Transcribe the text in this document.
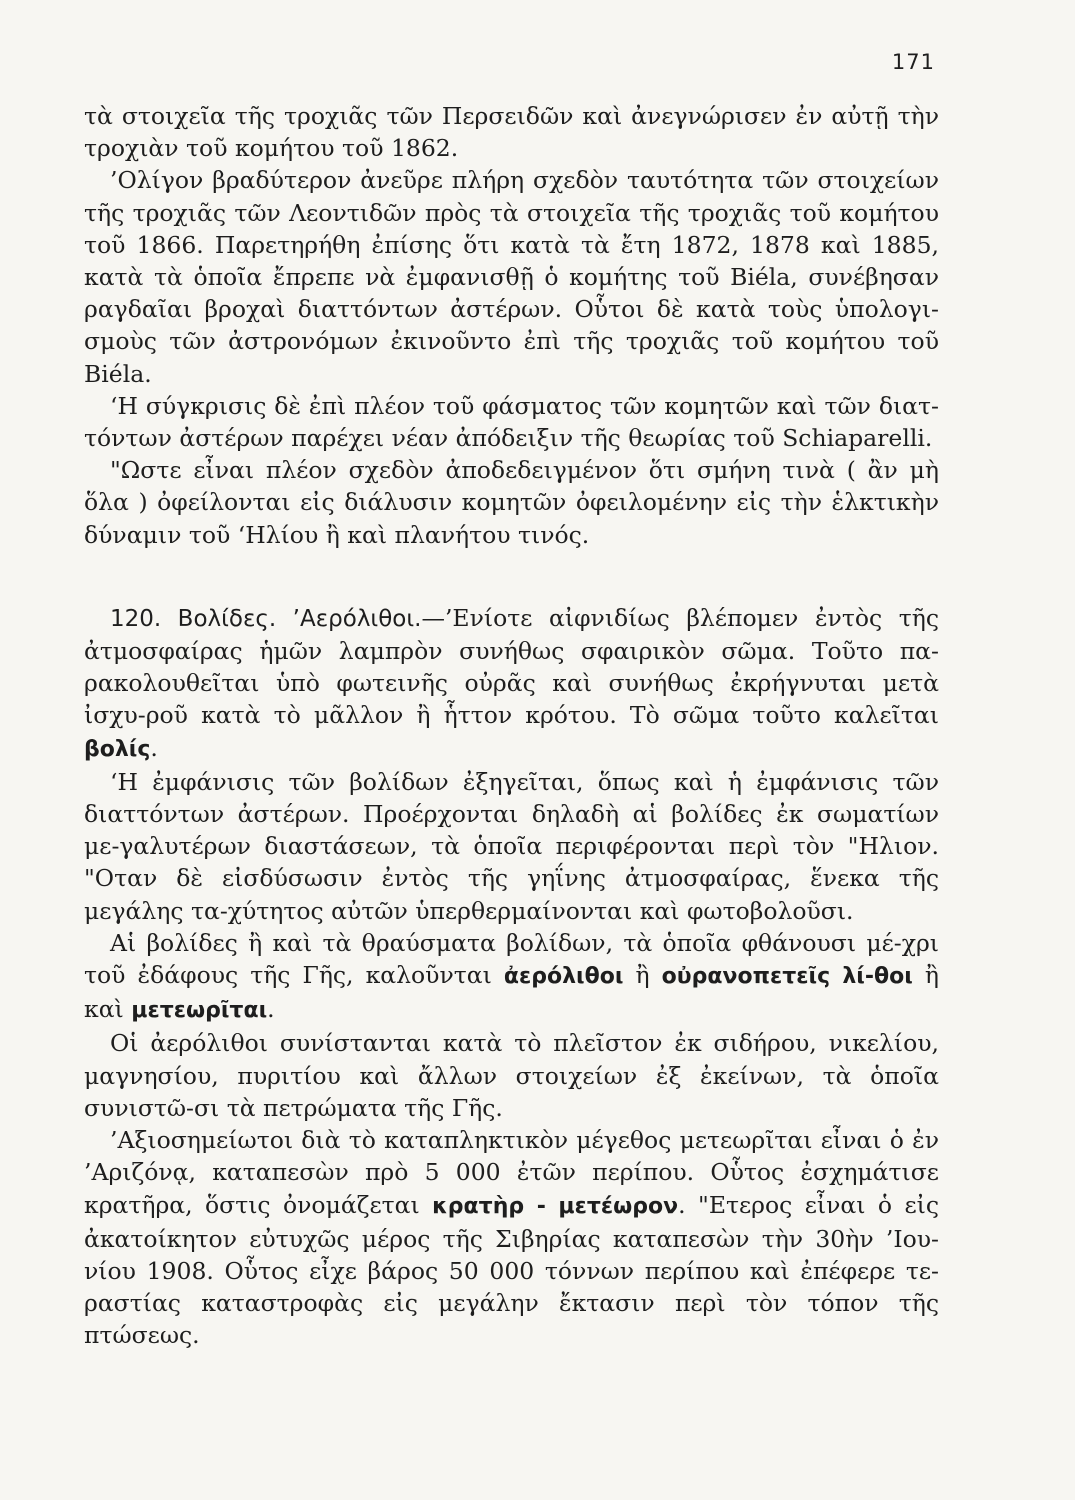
171

τὰ στοιχεῖα τῆς τροχιᾶς τῶν Περσειδῶν καὶ ἀνεγνώρισεν ἐν αὐτῇ τὴν τροχιὰν τοῦ κομήτου τοῦ 1862.

’Ολίγον βραδύτερον ἀνεῦρε πλήρη σχεδὸν ταυτότητα τῶν στοιχείων τῆς τροχιᾶς τῶν Λεοντιδῶν πρὸς τὰ στοιχεῖα τῆς τροχιᾶς τοῦ κομήτου τοῦ 1866. Παρετηρήθη ἐπίσης ὅτι κατὰ τὰ ἔτη 1872, 1878 καὶ 1885, κατὰ τὰ ὁποῖα ἔπρεπε νὰ ἐμφανισθῇ ὁ κομήτης τοῦ Biéla, συνέβησαν ραγδαῖαι βροχαὶ διαττόντων ἀστέρων. Οὗτοι δὲ κατὰ τοὺς ὑπολογι-σμοὺς τῶν ἀστρονόμων ἐκινοῦντο ἐπὶ τῆς τροχιᾶς τοῦ κομήτου τοῦ Biéla.

‘Η σύγκρισις δὲ ἐπὶ πλέον τοῦ φάσματος τῶν κομητῶν καὶ τῶν διατ-τόντων ἀστέρων παρέχει νέαν ἀπόδειξιν τῆς θεωρίας τοῦ Schiaparelli.

"Ωστε εἶναι πλέον σχεδὸν ἀποδεδειγμένον ὅτι σμήνη τινὰ ( ἂν μὴ ὅλα ) ὀφείλονται εἰς διάλυσιν κομητῶν ὀφειλομένην εἰς τὴν ἑλκτικὴν δύναμιν τοῦ ‘Ηλίου ἢ καὶ πλανήτου τινός.

120. Βολίδες. ’Αερόλιθοι.—’Ενίοτε αἰφνιδίως βλέπομεν ἐντὸς τῆς ἀτμοσφαίρας ἡμῶν λαμπρὸν συνήθως σφαιρικὸν σῶμα. Τοῦτο πα-ρακολουθεῖται ὑπὸ φωτεινῆς οὐρᾶς καὶ συνήθως ἐκρήγνυται μετὰ ἰσχυ-ροῦ κατὰ τὸ μᾶλλον ἢ ἧττον κρότου. Τὸ σῶμα τοῦτο καλεῖται βολίς.

‘Η ἐμφάνισις τῶν βολίδων ἐξηγεῖται, ὅπως καὶ ἡ ἐμφάνισις τῶν διαττόντων ἀστέρων. Προέρχονται δηλαδὴ αἱ βολίδες ἐκ σωματίων με-γαλυτέρων διαστάσεων, τὰ ὁποῖα περιφέρονται περὶ τὸν "Ηλιον. "Οταν δὲ εἰσδύσωσιν ἐντὸς τῆς γηΐνης ἀτμοσφαίρας, ἕνεκα τῆς μεγάλης τα-χύτητος αὐτῶν ὑπερθερμαίνονται καὶ φωτοβολοῦσι.

Αἱ βολίδες ἢ καὶ τὰ θραύσματα βολίδων, τὰ ὁποῖα φθάνουσι μέ-χρι τοῦ ἐδάφους τῆς Γῆς, καλοῦνται ἀερόλιθοι ἢ οὐρανοπετεῖς λί-θοι ἢ καὶ μετεωρῖται.

Οἱ ἀερόλιθοι συνίστανται κατὰ τὸ πλεῖστον ἐκ σιδήρου, νικελίου, μαγνησίου, πυριτίου καὶ ἄλλων στοιχείων ἐξ ἐκείνων, τὰ ὁποῖα συνιστῶ-σι τὰ πετρώματα τῆς Γῆς.

’Αξιοσημείωτοι διὰ τὸ καταπληκτικὸν μέγεθος μετεωρῖται εἶναι ὁ ἐν ’Αριζόνᾳ, καταπεσὼν πρὸ 5 000 ἐτῶν περίπου. Οὗτος ἐσχημάτισε κρατῆρα, ὅστις ὀνομάζεται κρατὴρ - μετέωρον. "Ετερος εἶναι ὁ εἰς ἀκατοίκητον εὐτυχῶς μέρος τῆς Σιβηρίας καταπεσὼν τὴν 30ὴν ’Ιου-νίου 1908. Οὗτος εἶχε βάρος 50 000 τόννων περίπου καὶ ἐπέφερε τε-ραστίας καταστροφὰς εἰς μεγάλην ἔκτασιν περὶ τὸν τόπον τῆς πτώσεως.
